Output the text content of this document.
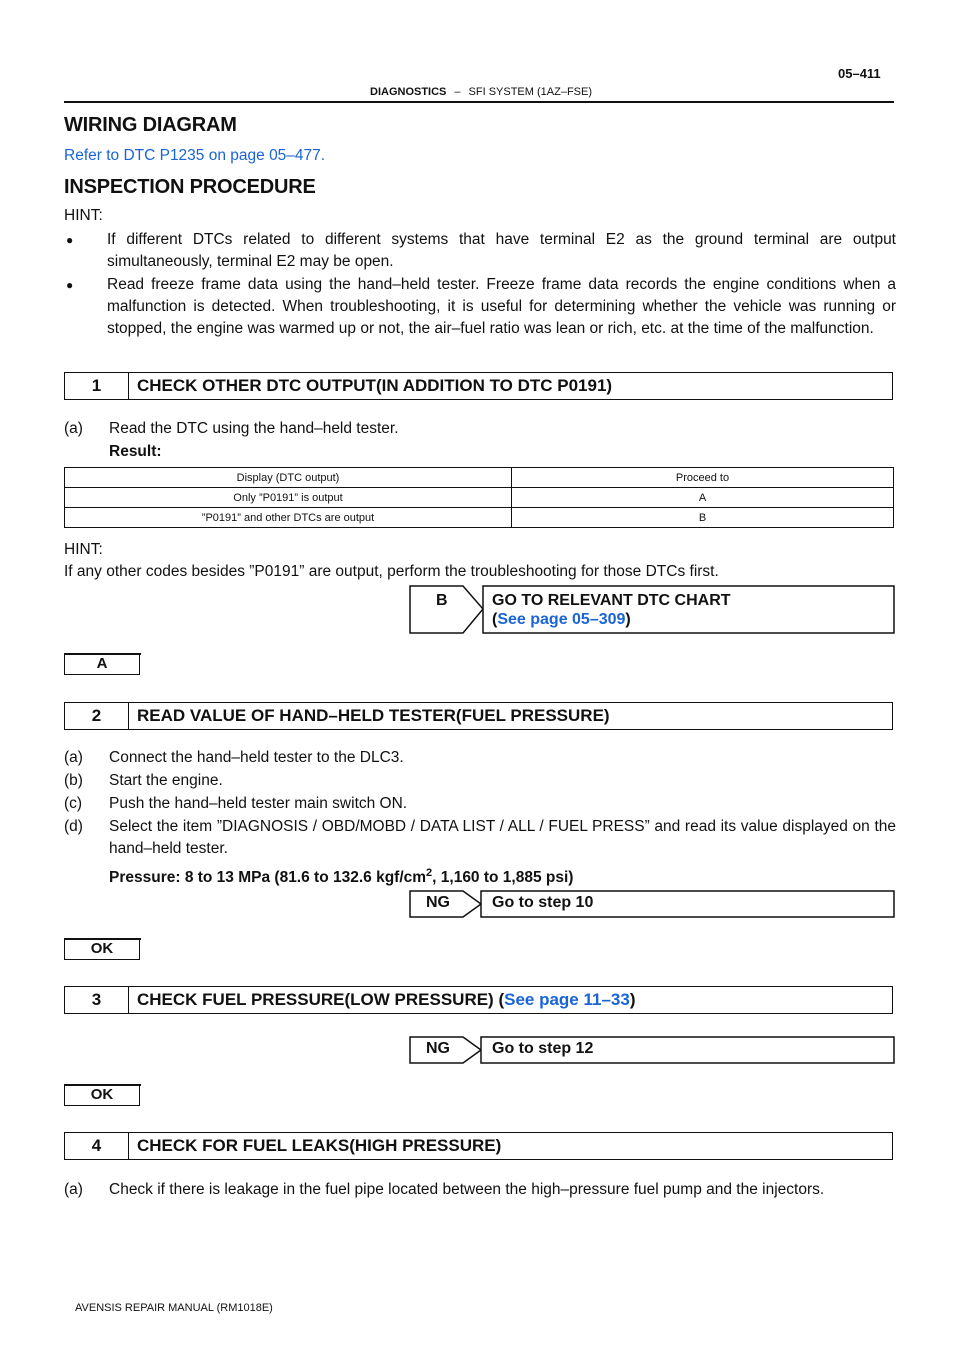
05–411
DIAGNOSTICS – SFI SYSTEM (1AZ–FSE)
WIRING DIAGRAM
Refer to DTC P1235 on page 05–477.
INSPECTION PROCEDURE
HINT:
● If different DTCs related to different systems that have terminal E2 as the ground terminal are output simultaneously, terminal E2 may be open.
● Read freeze frame data using the hand–held tester. Freeze frame data records the engine conditions when a malfunction is detected. When troubleshooting, it is useful for determining whether the vehicle was running or stopped, the engine was warmed up or not, the air–fuel ratio was lean or rich, etc. at the time of the malfunction.
1	CHECK OTHER DTC OUTPUT(IN ADDITION TO DTC P0191)
(a) Read the DTC using the hand–held tester.
Result:
Display (DTC output)	Proceed to
Only ”P0191” is output	A
”P0191” and other DTCs are output	B
HINT:
If any other codes besides ”P0191” are output, perform the troubleshooting for those DTCs first.
B	GO TO RELEVANT DTC CHART
(See page 05–309)
A
2	READ VALUE OF HAND–HELD TESTER(FUEL PRESSURE)
(a) Connect the hand–held tester to the DLC3.
(b) Start the engine.
(c) Push the hand–held tester main switch ON.
(d) Select the item ”DIAGNOSIS / OBD/MOBD / DATA LIST / ALL / FUEL PRESS” and read its value displayed on the hand–held tester.
Pressure: 8 to 13 MPa (81.6 to 132.6 kgf/$cm^2$, 1,160 to 1,885 psi)
NG	Go to step 10
OK
3	CHECK FUEL PRESSURE(LOW PRESSURE) (See page 11–33)
NG	Go to step 12
OK
4	CHECK FOR FUEL LEAKS(HIGH PRESSURE)
(a) Check if there is leakage in the fuel pipe located between the high–pressure fuel pump and the injectors.
AVENSIS REPAIR MANUAL (RM1018E)
